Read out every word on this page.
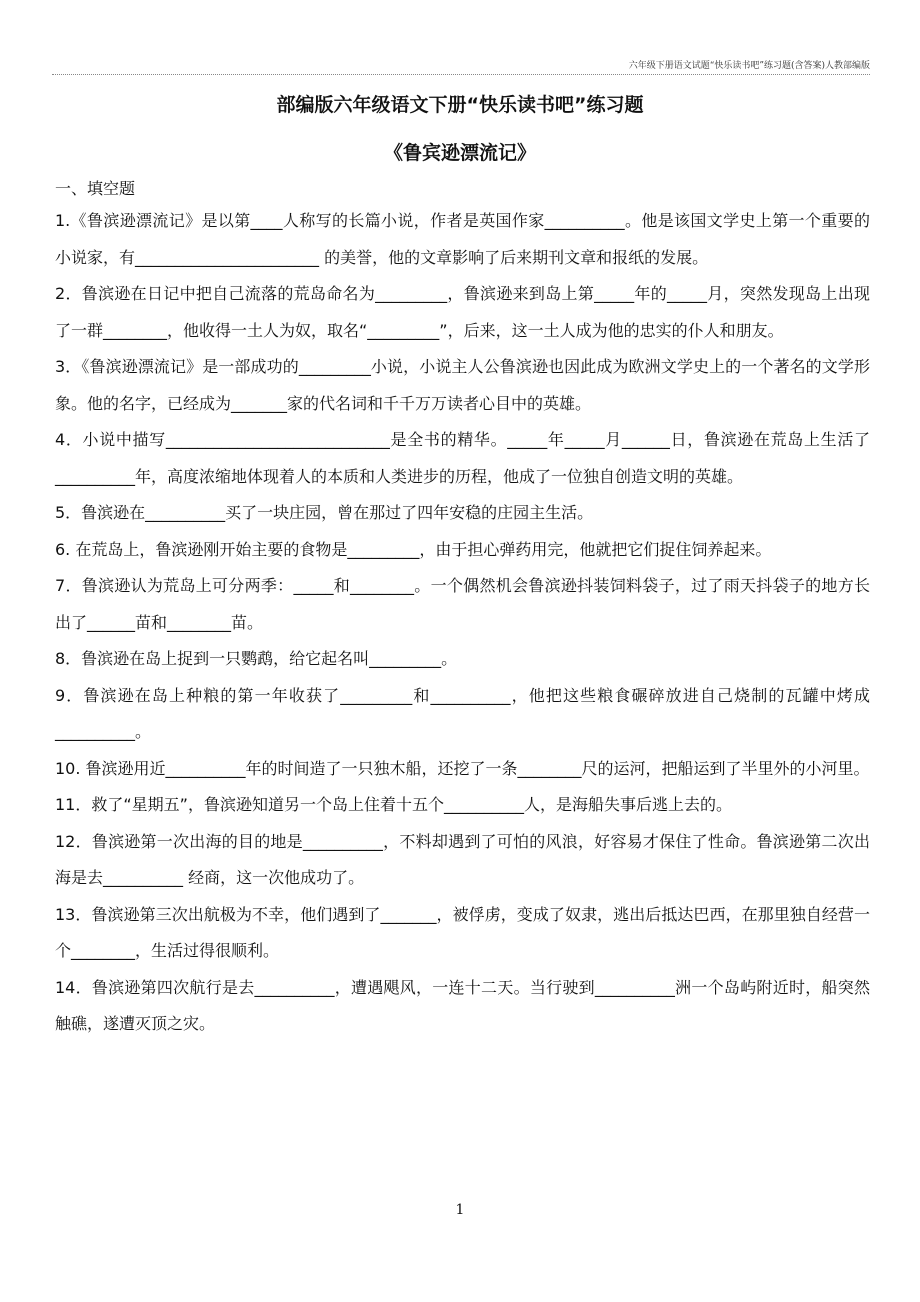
六年级下册语文试题“快乐读书吧”练习题(含答案)人教部编版
部编版六年级语文下册“快乐读书吧”练习题
《鲁宾逊漂流记》
一、填空题

1.《鲁滨逊漂流记》是以第____人称写的长篇小说，作者是英国作家__________。他是该国文学史上第一个重要的小说家，有_______________________ 的美誉，他的文章影响了后来期刊文章和报纸的发展。

2．鲁滨逊在日记中把自己流落的荒岛命名为_________，鲁滨逊来到岛上第_____年的_____月，突然发现岛上出现了一群________，他收得一土人为奴，取名“_________”，后来，这一土人成为他的忠实的仆人和朋友。

3．《鲁滨逊漂流记》是一部成功的_________小说，小说主人公鲁滨逊也因此成为欧洲文学史上的一个著名的文学形象。他的名字，已经成为_______家的代名词和千千万万读者心目中的英雄。

4．小说中描写____________________________是全书的精华。_____年_____月______日，鲁滨逊在荒岛上生活了__________年，高度浓缩地体现着人的本质和人类进步的历程，他成了一位独自创造文明的英雄。

5．鲁滨逊在__________买了一块庄园，曾在那过了四年安稳的庄园主生活。

6. 在荒岛上，鲁滨逊刚开始主要的食物是_________，由于担心弹药用完，他就把它们捉住饲养起来。

7．鲁滨逊认为荒岛上可分两季：_____和________。一个偶然机会鲁滨逊抖装饲料袋子，过了雨天抖袋子的地方长出了______苗和________苗。

8．鲁滨逊在岛上捉到一只鹦鹉，给它起名叫_________。

9．鲁滨逊在岛上种粮的第一年收获了_________和__________，他把这些粮食碾碎放进自己烧制的瓦罐中烤成__________。

10. 鲁滨逊用近__________年的时间造了一只独木船，还挖了一条________尺的运河，把船运到了半里外的小河里。

11．救了“星期五”，鲁滨逊知道另一个岛上住着十五个__________人，是海船失事后逃上去的。

12．鲁滨逊第一次出海的目的地是__________，不料却遇到了可怕的风浪，好容易才保住了性命。鲁滨逊第二次出海是去__________ 经商，这一次他成功了。

13．鲁滨逊第三次出航极为不幸，他们遇到了_______，被俘虏，变成了奴隶，逃出后抵达巴西，在那里独自经营一个________，生活过得很顺利。

14．鲁滨逊第四次航行是去__________，遭遇飓风，一连十二天。当行驶到__________洲一个岛屿附近时，船突然触礁，遂遭灭顶之灾。

1
